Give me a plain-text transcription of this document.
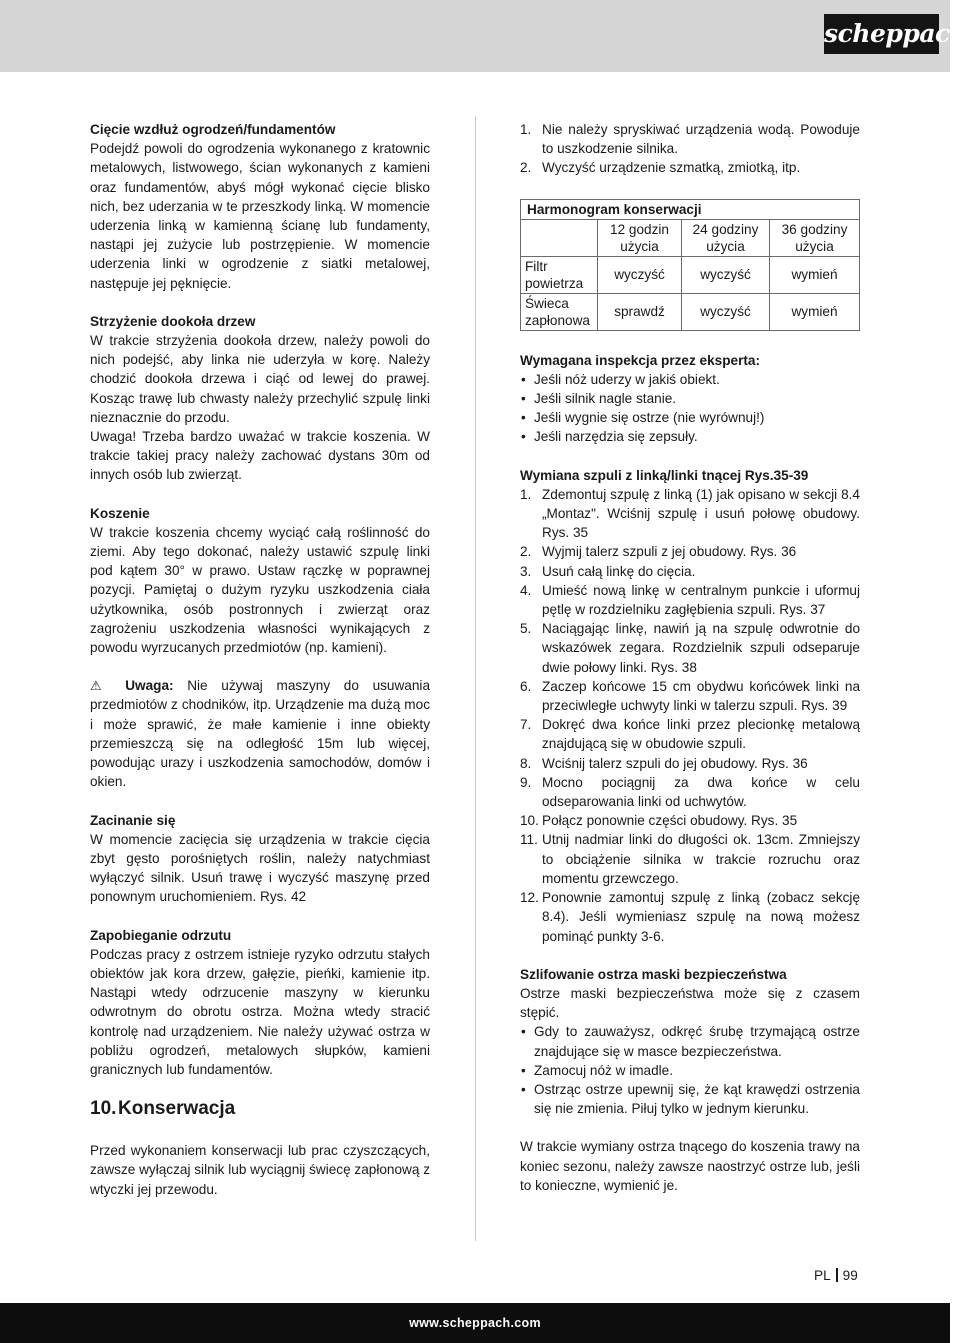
scheppach
Cięcie wzdłuż ogrodzeń/fundamentów

Podejdź powoli do ogrodzenia wykonanego z kratownic metalowych, listwowego, ścian wykonanych z kamieni oraz fundamentów, abyś mógł wykonać cięcie blisko nich, bez uderzania w te przeszkody linką. W momencie uderzenia linką w kamienną ścianę lub fundamenty, nastąpi jej zużycie lub postrzępienie. W momencie uderzenia linki w ogrodzenie z siatki metalowej, następuje jej pęknięcie.

Strzyżenie dookoła drzew

W trakcie strzyżenia dookoła drzew, należy powoli do nich podejść, aby linka nie uderzyła w korę. Należy chodzić dookoła drzewa i ciąć od lewej do prawej. Kosząc trawę lub chwasty należy przechylić szpulę linki nieznacznie do przodu.

Uwaga! Trzeba bardzo uważać w trakcie koszenia. W trakcie takiej pracy należy zachować dystans 30m od innych osób lub zwierząt.

Koszenie

W trakcie koszenia chcemy wyciąć całą roślinność do ziemi. Aby tego dokonać, należy ustawić szpulę linki pod kątem 30° w prawo. Ustaw rączkę w poprawnej pozycji. Pamiętaj o dużym ryzyku uszkodzenia ciała użytkownika, osób postronnych i zwierząt oraz zagrożeniu uszkodzenia własności wynikających z powodu wyrzucanych przedmiotów (np. kamieni).

⚠ Uwaga: Nie używaj maszyny do usuwania przedmiotów z chodników, itp. Urządzenie ma dużą moc i może sprawić, że małe kamienie i inne obiekty przemieszczą się na odległość 15m lub więcej, powodując urazy i uszkodzenia samochodów, domów i okien.

Zacinanie się

W momencie zacięcia się urządzenia w trakcie cięcia zbyt gęsto porośniętych roślin, należy natychmiast wyłączyć silnik. Usuń trawę i wyczyść maszynę przed ponownym uruchomieniem. Rys. 42

Zapobieganie odrzutu

Podczas pracy z ostrzem istnieje ryzyko odrzutu stałych obiektów jak kora drzew, gałęzie, pieńki, kamienie itp. Nastąpi wtedy odrzucenie maszyny w kierunku odwrotnym do obrotu ostrza. Można wtedy stracić kontrolę nad urządzeniem. Nie należy używać ostrza w pobliżu ogrodzeń, metalowych słupków, kamieni granicznych lub fundamentów.

10.Konserwacja

Przed wykonaniem konserwacji lub prac czyszczących, zawsze wyłączaj silnik lub wyciągnij świecę zapłonową z wtyczki jej przewodu.

1. Nie należy spryskiwać urządzenia wodą. Powoduje to uszkodzenie silnika.
2. Wyczyść urządzenie szmatką, zmiotką, itp.
Harmonogram konserwacji			
	12 godzin użycia	24 godziny użycia	36 godziny użycia
Filtr powietrza	wyczyść	wyczyść	wymień
Świeca zapłonowa	sprawdź	wyczyść	wymień
Wymagana inspekcja przez eksperta:
• Jeśli nóż uderzy w jakiś obiekt.
• Jeśli silnik nagle stanie.
• Jeśli wygnie się ostrze (nie wyrównuj!)
• Jeśli narzędzia się zepsuły.
Wymiana szpuli z linką/linki tnącej Rys.35-39
1. Zdemontuj szpulę z linką (1) jak opisano w sekcji 8.4 „Montaz". Wciśnij szpulę i usuń połowę obudowy. Rys. 35
2. Wyjmij talerz szpuli z jej obudowy. Rys. 36
3. Usuń całą linkę do cięcia.
4. Umieść nową linkę w centralnym punkcie i uformuj pętlę w rozdzielniku zagłębienia szpuli. Rys. 37
5. Naciągając linkę, nawiń ją na szpulę odwrotnie do wskazówek zegara. Rozdzielnik szpuli odseparuje dwie połowy linki. Rys. 38
6. Zaczep końcowe 15 cm obydwu końcówek linki na przeciwległe uchwyty linki w talerzu szpuli. Rys. 39
7. Dokręć dwa końce linki przez plecionkę metalową znajdującą się w obudowie szpuli.
8. Wciśnij talerz szpuli do jej obudowy. Rys. 36
9. Mocno pociągnij za dwa końce w celu odseparowania linki od uchwytów.
10. Połącz ponownie części obudowy. Rys. 35
11. Utnij nadmiar linki do długości ok. 13cm. Zmniejszy to obciążenie silnika w trakcie rozruchu oraz momentu grzewczego.
12. Ponownie zamontuj szpulę z linką (zobacz sekcję 8.4). Jeśli wymieniasz szpulę na nową możesz pominąć punkty 3-6.
Szlifowanie ostrza maski bezpieczeństwa

Ostrze maski bezpieczeństwa może się z czasem stępić.

• Gdy to zauważysz, odkręć śrubę trzymającą ostrze znajdujące się w masce bezpieczeństwa.
• Zamocuj nóż w imadle.
• Ostrząc ostrze upewnij się, że kąt krawędzi ostrzenia się nie zmienia. Piłuj tylko w jednym kierunku.

W trakcie wymiany ostrza tnącego do koszenia trawy na koniec sezonu, należy zawsze naostrzyć ostrze lub, jeśli to konieczne, wymienić je.

PL 99
www.scheppach.com
